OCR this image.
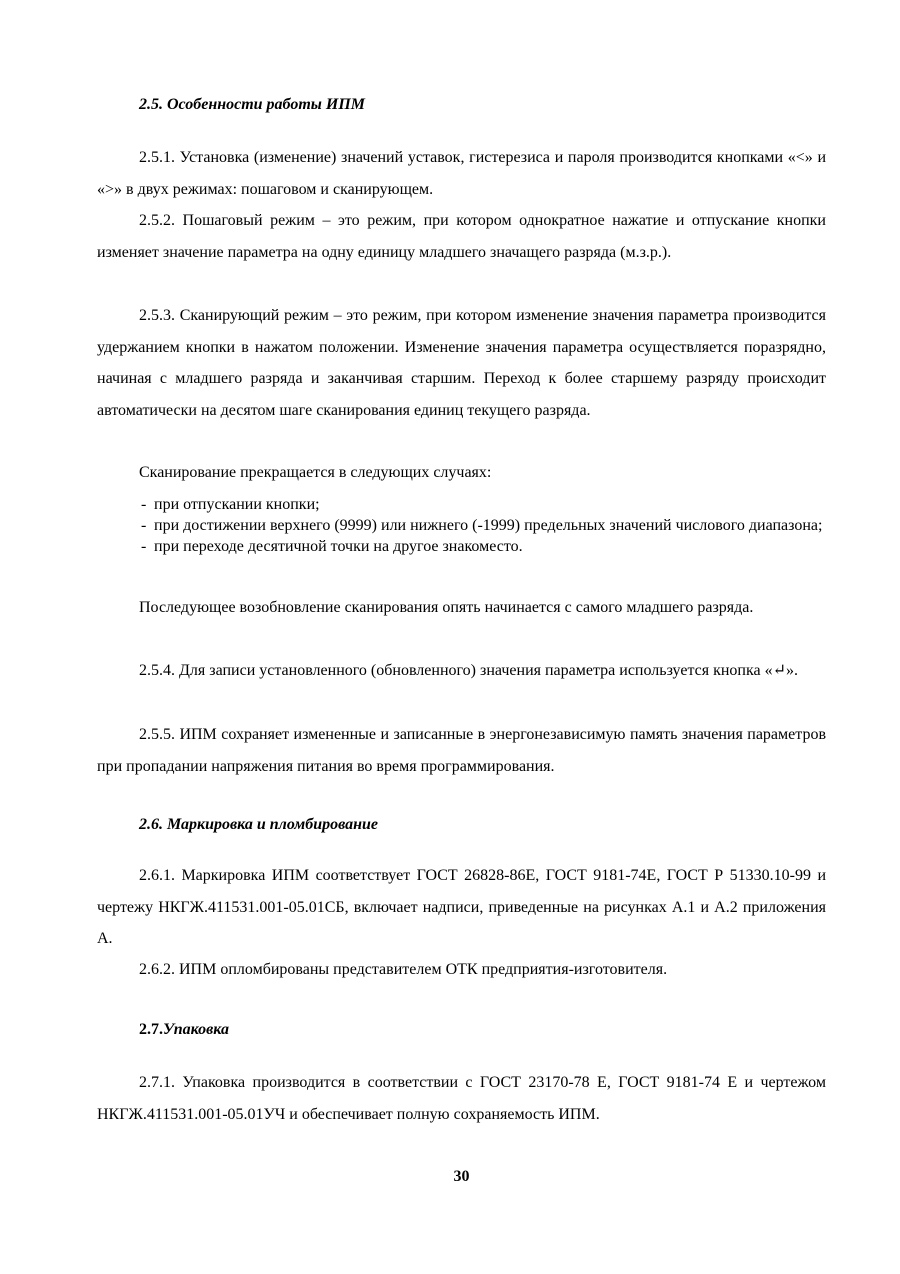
2.5. Особенности работы ИПМ

2.5.1. Установка (изменение) значений уставок, гистерезиса и пароля производится кнопками «<» и «>» в двух режимах: пошаговом и сканирующем.

2.5.2. Пошаговый режим – это режим, при котором однократное нажатие и отпускание кнопки изменяет значение параметра на одну единицу младшего значащего разряда (м.з.р.).

2.5.3. Сканирующий режим – это режим, при котором изменение значения параметра производится удержанием кнопки в нажатом положении. Изменение значения параметра осуществляется поразрядно, начиная с младшего разряда и заканчивая старшим. Переход к более старшему разряду происходит автоматически на десятом шаге сканирования единиц текущего разряда.

Сканирование прекращается в следующих случаях:

- при отпускании кнопки;
- при достижении верхнего (9999) или нижнего (-1999) предельных значений числового диапазона;
- при переходе десятичной точки на другое знакоместо.

Последующее возобновление сканирования опять начинается с самого младшего разряда.

2.5.4. Для записи установленного (обновленного) значения параметра используется кнопка «↵».

2.5.5. ИПМ сохраняет измененные и записанные в энергонезависимую память значения параметров при пропадании напряжения питания во время программирования.

2.6. Маркировка и пломбирование

2.6.1. Маркировка ИПМ соответствует ГОСТ 26828-86Е, ГОСТ 9181-74Е, ГОСТ Р 51330.10-99 и чертежу НКГЖ.411531.001-05.01СБ, включает надписи, приведенные на рисунках А.1 и А.2 приложения А.

2.6.2. ИПМ опломбированы представителем ОТК предприятия-изготовителя.

2.7.Упаковка

2.7.1. Упаковка производится в соответствии с ГОСТ 23170-78 Е, ГОСТ 9181-74 Е и чертежом НКГЖ.411531.001-05.01УЧ и обеспечивает полную сохраняемость ИПМ.

30
